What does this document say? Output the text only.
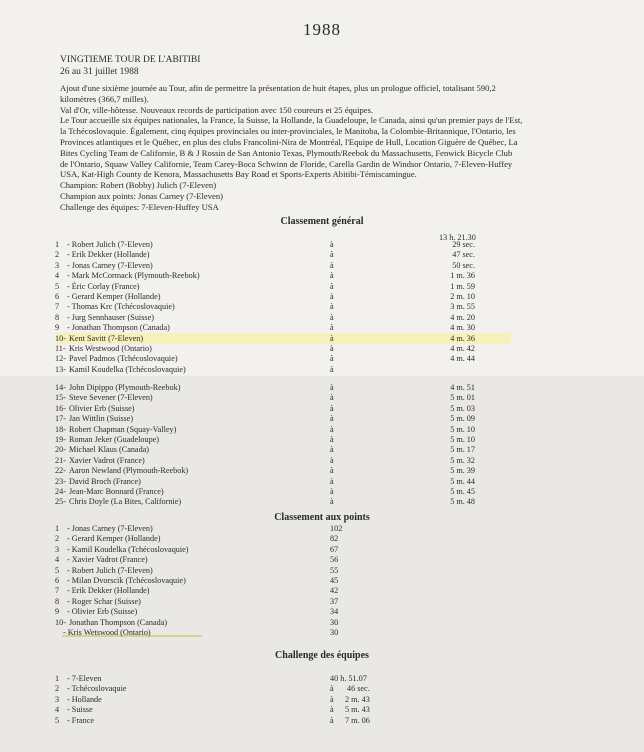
1988
VINGTIEME TOUR DE L'ABITIBI
26 au 31 juillet 1988
Ajout d'une sixième journée au Tour, afin de permettre la présentation de huit étapes, plus un prologue officiel, totalisant 590,2
kilomètres (366,7 milles).
Val d'Or, ville-hôtesse. Nouveaux records de participation avec 150 coureurs et 25 équipes.
Le Tour accueille six équipes nationales, la France, la Suisse, la Hollande, la Guadeloupe, le Canada, ainsi qu'un premier pays de l'Est,
la Tchécoslovaquie. Également, cinq équipes provinciales ou inter-provinciales, le Manitoba, la Colombie-Britannique, l'Ontario, les
Provinces atlantiques et le Québec, en plus des clubs Francolini-Nira de Montréal, l'Equipe de Hull, Location Giguère de Québec, La
Bites Cycling Team de Californie, B & J Rossin de San Antonio Texas, Plymouth/Reebok du Massachusetts, Fenwick Bicycle Club
de l'Ontario, Squaw Valley Californie, Team Carey-Boca Schwinn de Floride, Carella Gardin de Windsor Ontario, 7-Eleven-Huffey
USA, Kat-High County de Kenora, Massachusetts Bay Road et Sports-Experts Abitibi-Témiscamingue.
Champion: Robert (Bobby) Julich (7-Eleven)
Champion aux points: Jonas Carney (7-Eleven)
Challenge des équipes: 7-Eleven-Huffey USA
Classement général
13 h. 21.30
1 - Robert Julich (7-Eleven)	à	29 sec.
2 - Erik Dekker (Hollande)	à	47 sec.
3 - Jonas Carney (7-Eleven)	à	50 sec.
4 - Mark McCormack (Plymouth-Reebok)	à	1 m. 36
5 - Éric Corlay (France)	à	1 m. 59
6 - Gerard Kemper (Hollande)	à	2 m. 10
7 - Thomas Krc (Tchécoslovaquie)	à	3 m. 55
8 - Jurg Sennhauser (Suisse)	à	4 m. 20
9 - Jonathan Thompson (Canada)	à	4 m. 30
10- Kent Savitt (7-Eleven)	à	4 m. 36
11- Kris Westwood (Ontario)	à	4 m. 42
12- Pavel Padmos (Tchécoslovaquie)	à	4 m. 44
13- Kamil Koudelka (Tchécoslovaquie)	à
14- John Dipippo (Plymouth-Reebok)	à	4 m. 51
15- Steve Sevener (7-Eleven)	à	5 m. 01
16- Olivier Erb (Suisse)	à	5 m. 03
17- Jan Wittlin (Suisse)	à	5 m. 09
18- Robert Chapman (Squay-Valley)	à	5 m. 10
19- Roman Jeker (Guadeloupe)	à	5 m. 10
20- Michael Klaus (Canada)	à	5 m. 17
21- Xavier Vadrot (France)	à	5 m. 32
22- Aaron Newland (Plymouth-Reebok)	à	5 m. 39
23- David Broch (France)	à	5 m. 44
24- Jean-Marc Bonnard (France)	à	5 m. 45
25- Chris Doyle (La Bites, Californie)	à	5 m. 48
Classement aux points
1 - Jonas Carney (7-Eleven)	102
2 - Gerard Kemper (Hollande)	82
3 - Kamil Koudelka (Tchécoslovaquie)	67
4 - Xavier Vadrot (France)	56
5 - Robert Julich (7-Eleven)	55
6 - Milan Dvorscik (Tchécoslovaquie)	45
7 - Erik Dekker (Hollande)	42
8 - Roger Schar (Suisse)	37
9 - Olivier Erb (Suisse)	34
10- Jonathan Thompson (Canada)	30
- Kris Wetswood (Ontario)	30
Challenge des équipes
1 - 7-Eleven	40 h. 51.07
2 - Tchécoslovaquie	à 46 sec.
3 - Hollande	à 2 m. 43
4 - Suisse	à 5 m. 43
5 - France	à 7 m. 06
